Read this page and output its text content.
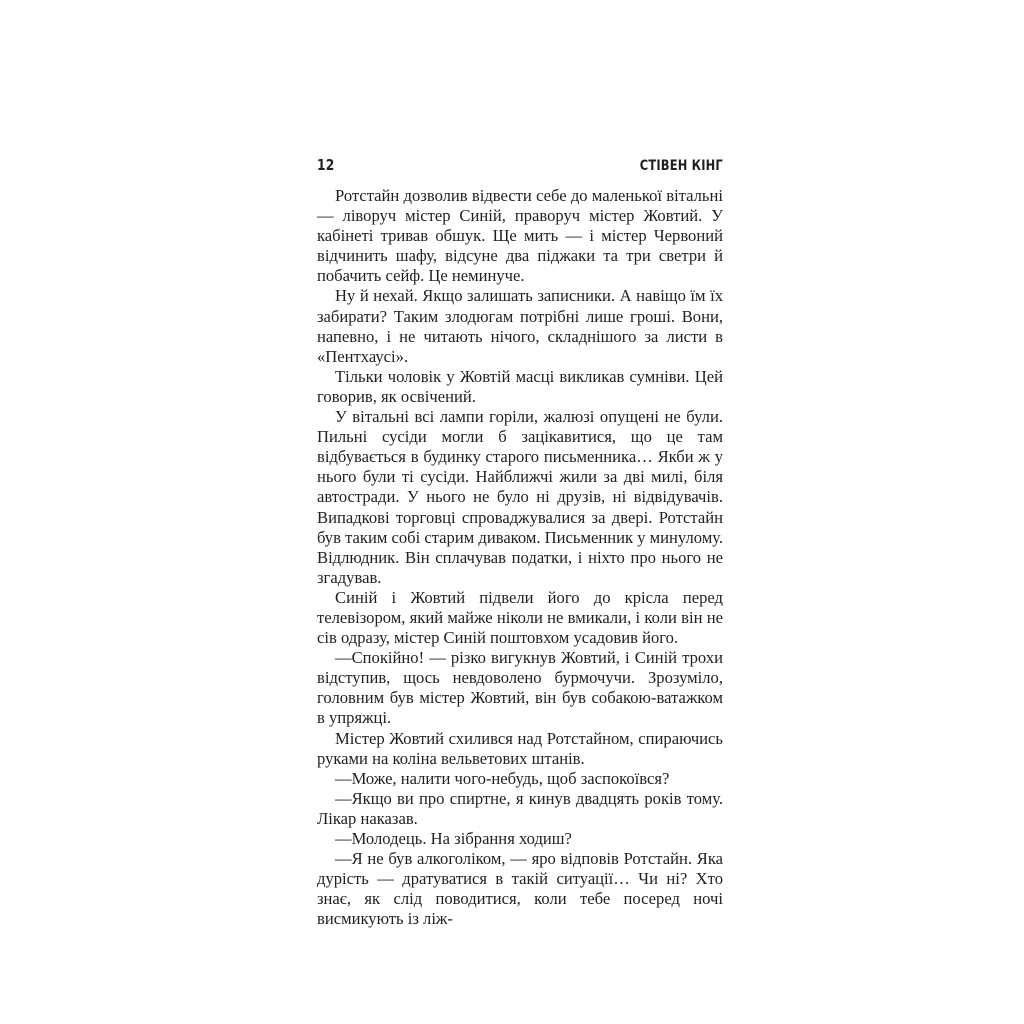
12	СТІВЕН КІНГ

Ротстайн дозволив відвести себе до маленької вітальні — ліворуч містер Синій, праворуч містер Жовтий. У кабінеті тривав обшук. Ще мить — і містер Червоний відчинить шафу, відсуне два піджаки та три светри й побачить сейф. Це неминуче.

Ну й нехай. Якщо залишать записники. А навіщо їм їх забирати? Таким злодюгам потрібні лише гроші. Вони, напевно, і не читають нічого, складнішого за листи в «Пентхаусі».

Тільки чоловік у Жовтій масці викликав сумніви. Цей говорив, як освічений.

У вітальні всі лампи горіли, жалюзі опущені не були. Пильні сусіди могли б зацікавитися, що це там відбувається в будинку старого письменника… Якби ж у нього були ті сусіди. Найближчі жили за дві милі, біля автостради. У нього не було ні друзів, ні відвідувачів. Випадкові торговці спроваджувалися за двері. Ротстайн був таким собі старим диваком. Письменник у минулому. Відлюдник. Він сплачував податки, і ніхто про нього не згадував.

Синій і Жовтий підвели його до крісла перед телевізором, який майже ніколи не вмикали, і коли він не сів одразу, містер Синій поштовхом усадовив його.

—Спокійно! — різко вигукнув Жовтий, і Синій трохи відступив, щось невдоволено бурмочучи. Зрозуміло, головним був містер Жовтий, він був собакою-ватажком в упряжці.

Містер Жовтий схилився над Ротстайном, спираючись руками на коліна вельветових штанів.

—Може, налити чого-небудь, щоб заспокоївся?

—Якщо ви про спиртне, я кинув двадцять років тому. Лікар наказав.

—Молодець. На зібрання ходиш?

—Я не був алкоголіком, — яро відповів Ротстайн. Яка дурість — дратуватися в такій ситуації… Чи ні? Хто знає, як слід поводитися, коли тебе посеред ночі висмикують із ліж-
